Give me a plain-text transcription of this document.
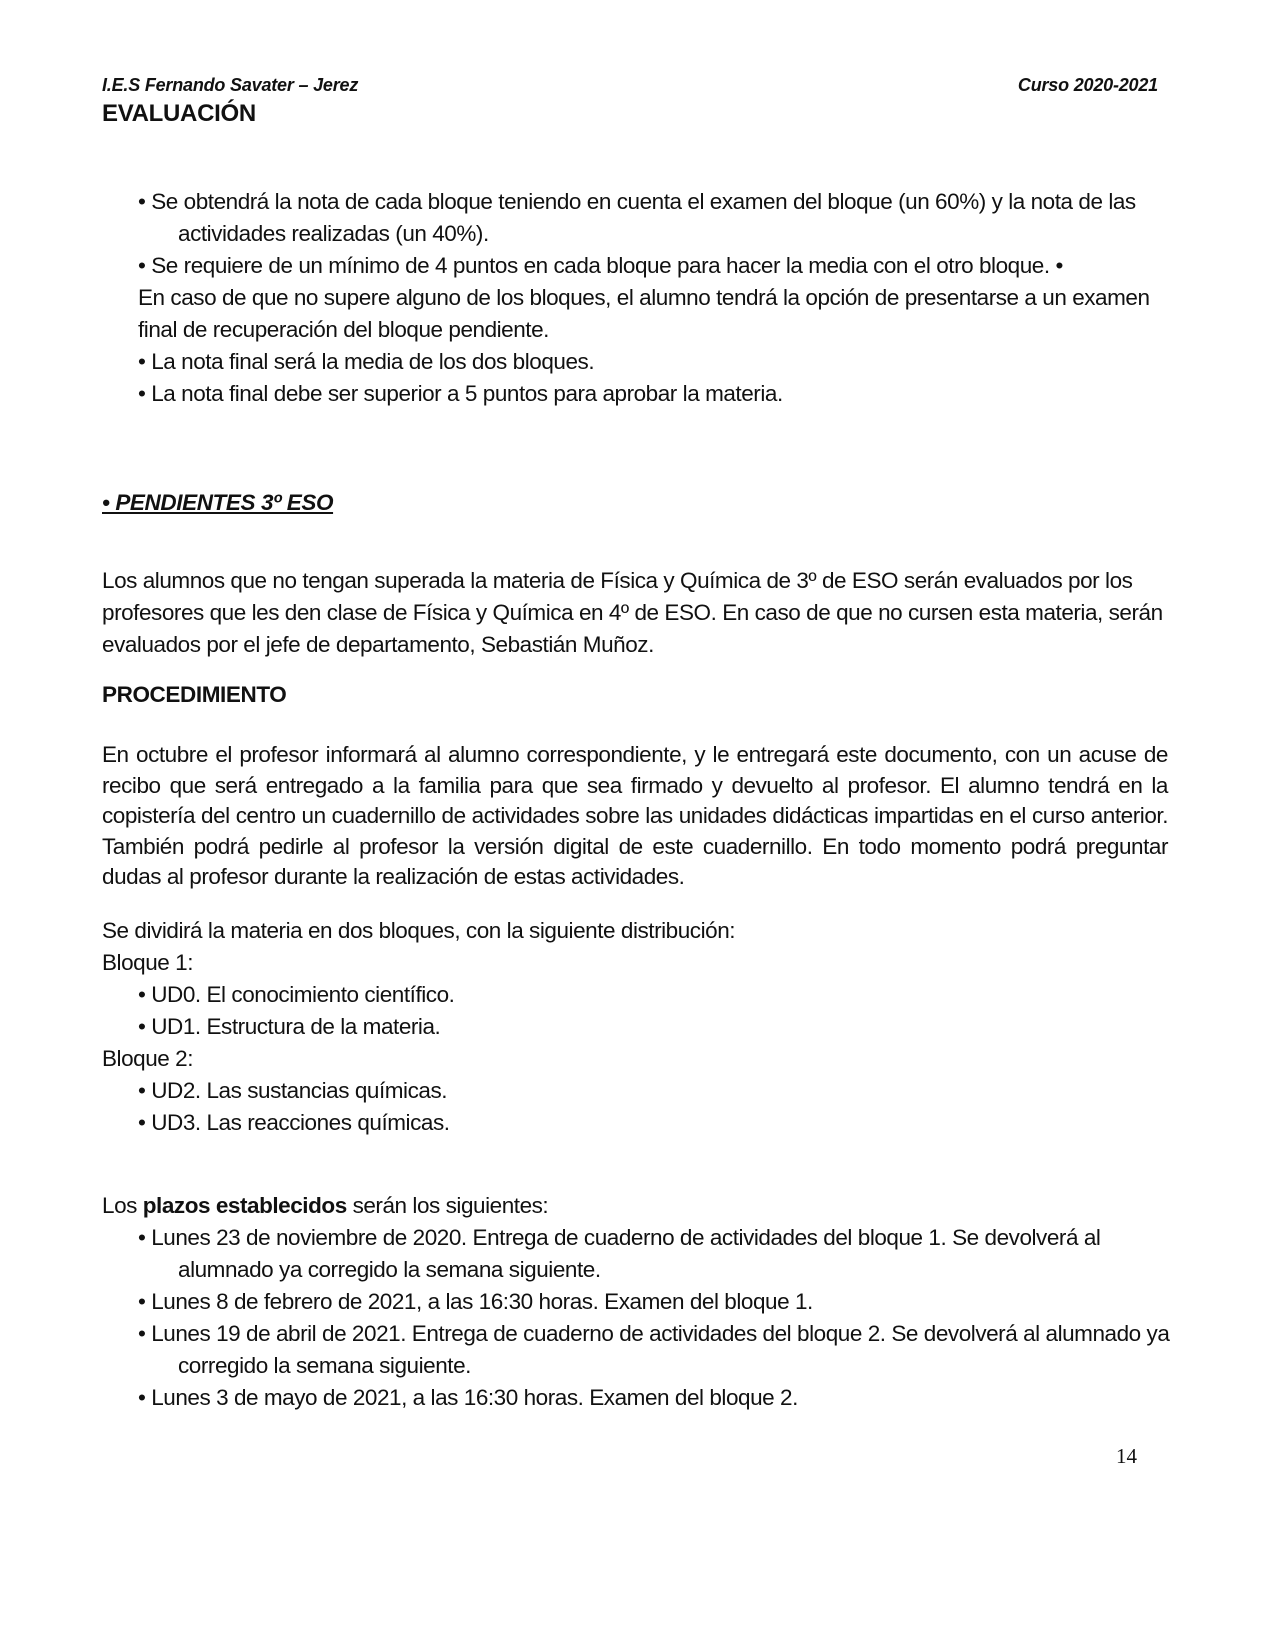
I.E.S Fernando Savater – Jerez	Curso 2020-2021
EVALUACIÓN

• Se obtendrá la nota de cada bloque teniendo en cuenta el examen del bloque (un 60%) y la nota de las actividades realizadas (un 40%).

• Se requiere de un mínimo de 4 puntos en cada bloque para hacer la media con el otro bloque. •

En caso de que no supere alguno de los bloques, el alumno tendrá la opción de presentarse a un examen final de recuperación del bloque pendiente.

• La nota final será la media de los dos bloques.

• La nota final debe ser superior a 5 puntos para aprobar la materia.

• PENDIENTES 3º ESO

Los alumnos que no tengan superada la materia de Física y Química de 3º de ESO serán evaluados por los profesores que les den clase de Física y Química en 4º de ESO. En caso de que no cursen esta materia, serán evaluados por el jefe de departamento, Sebastián Muñoz.

PROCEDIMIENTO

En octubre el profesor informará al alumno correspondiente, y le entregará este documento, con un acuse de recibo que será entregado a la familia para que sea firmado y devuelto al profesor. El alumno tendrá en la copistería del centro un cuadernillo de actividades sobre las unidades didácticas impartidas en el curso anterior. También podrá pedirle al profesor la versión digital de este cuadernillo. En todo momento podrá preguntar dudas al profesor durante la realización de estas actividades.

Se dividirá la materia en dos bloques, con la siguiente distribución:

Bloque 1:

• UD0. El conocimiento científico.

• UD1. Estructura de la materia.

Bloque 2:

• UD2. Las sustancias químicas.

• UD3. Las reacciones químicas.

Los plazos establecidos serán los siguientes:

• Lunes 23 de noviembre de 2020. Entrega de cuaderno de actividades del bloque 1. Se devolverá al alumnado ya corregido la semana siguiente.

• Lunes 8 de febrero de 2021, a las 16:30 horas. Examen del bloque 1.

• Lunes 19 de abril de 2021. Entrega de cuaderno de actividades del bloque 2. Se devolverá al alumnado ya corregido la semana siguiente.

• Lunes 3 de mayo de 2021, a las 16:30 horas. Examen del bloque 2.

14
